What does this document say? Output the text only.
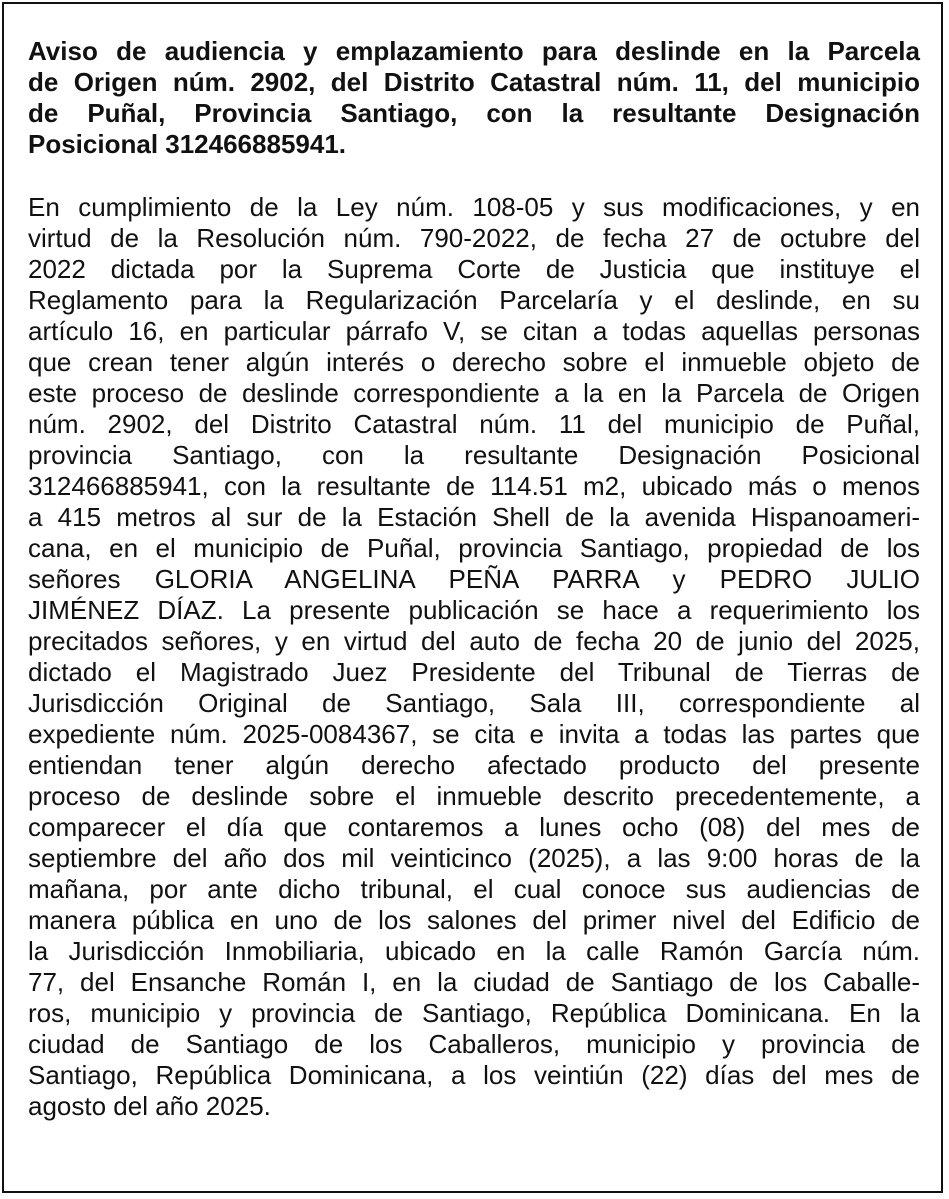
Aviso de audiencia y emplazamiento para deslinde en la Parcela
de Origen núm. 2902, del Distrito Catastral núm. 11, del municipio
de Puñal, Provincia Santiago, con la resultante Designación
Posicional 312466885941.
En cumplimiento de la Ley núm. 108-05 y sus modificaciones, y en
virtud de la Resolución núm. 790-2022, de fecha 27 de octubre del
2022 dictada por la Suprema Corte de Justicia que instituye el
Reglamento para la Regularización Parcelaría y el deslinde, en su
artículo 16, en particular párrafo V, se citan a todas aquellas personas
que crean tener algún interés o derecho sobre el inmueble objeto de
este proceso de deslinde correspondiente a la en la Parcela de Origen
núm. 2902, del Distrito Catastral núm. 11 del municipio de Puñal,
provincia Santiago, con la resultante Designación Posicional
312466885941, con la resultante de 114.51 m2, ubicado más o menos
a 415 metros al sur de la Estación Shell de la avenida Hispanoameri-
cana, en el municipio de Puñal, provincia Santiago, propiedad de los
señores GLORIA ANGELINA PEÑA PARRA y PEDRO JULIO
JIMÉNEZ DÍAZ. La presente publicación se hace a requerimiento los
precitados señores, y en virtud del auto de fecha 20 de junio del 2025,
dictado el Magistrado Juez Presidente del Tribunal de Tierras de
Jurisdicción Original de Santiago, Sala III, correspondiente al
expediente núm. 2025-0084367, se cita e invita a todas las partes que
entiendan tener algún derecho afectado producto del presente
proceso de deslinde sobre el inmueble descrito precedentemente, a
comparecer el día que contaremos a lunes ocho (08) del mes de
septiembre del año dos mil veinticinco (2025), a las 9:00 horas de la
mañana, por ante dicho tribunal, el cual conoce sus audiencias de
manera pública en uno de los salones del primer nivel del Edificio de
la Jurisdicción Inmobiliaria, ubicado en la calle Ramón García núm.
77, del Ensanche Román I, en la ciudad de Santiago de los Caballe-
ros, municipio y provincia de Santiago, República Dominicana. En la
ciudad de Santiago de los Caballeros, municipio y provincia de
Santiago, República Dominicana, a los veintiún (22) días del mes de
agosto del año 2025.
